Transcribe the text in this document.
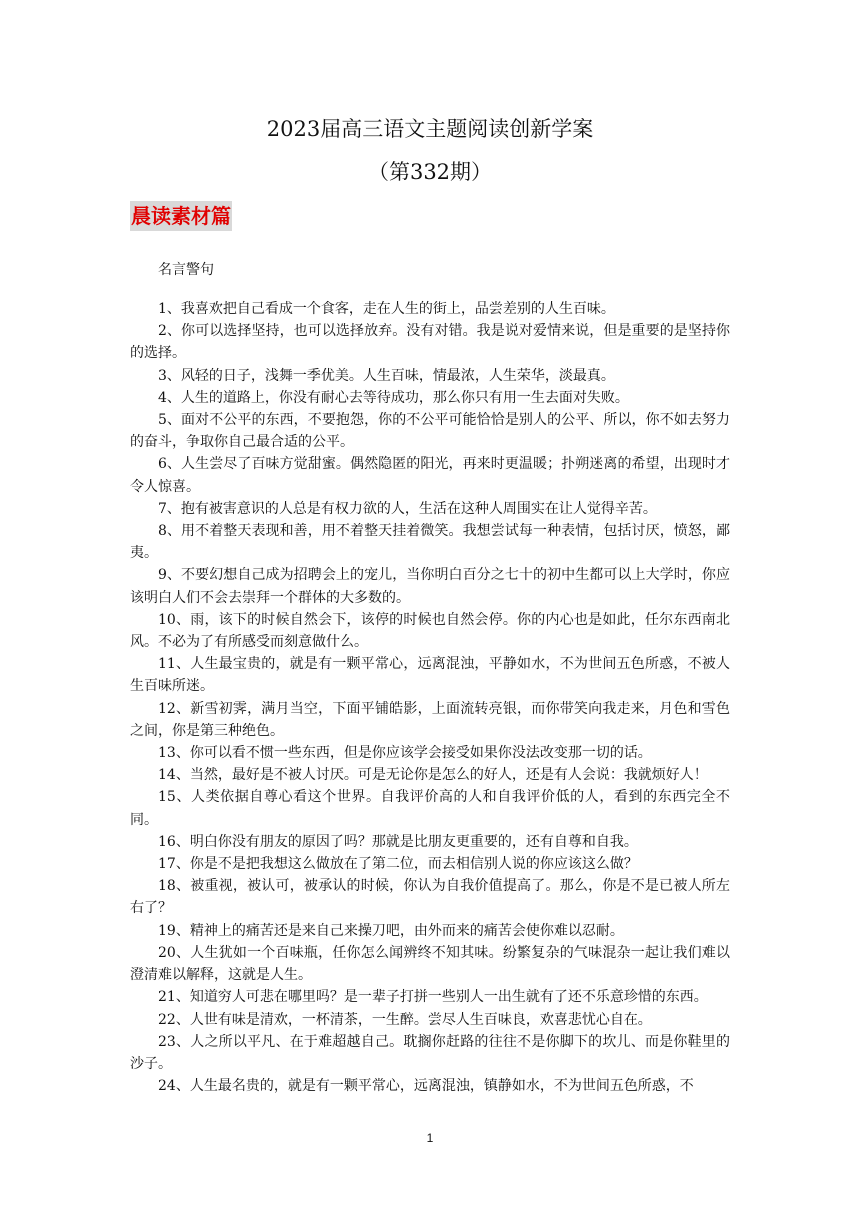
2023届高三语文主题阅读创新学案
（第332期）
晨读素材篇
名言警句

1、我喜欢把自己看成一个食客，走在人生的街上，品尝差别的人生百味。

2、你可以选择坚持，也可以选择放弃。没有对错。我是说对爱情来说，但是重要的是坚持你的选择。

3、风轻的日子，浅舞一季优美。人生百味，情最浓，人生荣华，淡最真。

4、人生的道路上，你没有耐心去等待成功，那么你只有用一生去面对失败。

5、面对不公平的东西，不要抱怨，你的不公平可能恰恰是别人的公平、所以，你不如去努力的奋斗，争取你自己最合适的公平。

6、人生尝尽了百味方觉甜蜜。偶然隐匿的阳光，再来时更温暖；扑朔迷离的希望，出现时才令人惊喜。

7、抱有被害意识的人总是有权力欲的人，生活在这种人周围实在让人觉得辛苦。

8、用不着整天表现和善，用不着整天挂着微笑。我想尝试每一种表情，包括讨厌，愤怒，鄙夷。

9、不要幻想自己成为招聘会上的宠儿，当你明白百分之七十的初中生都可以上大学时，你应该明白人们不会去崇拜一个群体的大多数的。

10、雨，该下的时候自然会下，该停的时候也自然会停。你的内心也是如此，任尔东西南北风。不必为了有所感受而刻意做什么。

11、人生最宝贵的，就是有一颗平常心，远离混浊，平静如水，不为世间五色所惑，不被人生百味所迷。

12、新雪初霁，满月当空，下面平铺皓影，上面流转亮银，而你带笑向我走来，月色和雪色之间，你是第三种绝色。

13、你可以看不惯一些东西，但是你应该学会接受如果你没法改变那一切的话。

14、当然，最好是不被人讨厌。可是无论你是怎么的好人，还是有人会说：我就烦好人！

15、人类依据自尊心看这个世界。自我评价高的人和自我评价低的人，看到的东西完全不同。

16、明白你没有朋友的原因了吗？那就是比朋友更重要的，还有自尊和自我。

17、你是不是把我想这么做放在了第二位，而去相信别人说的你应该这么做？

18、被重视，被认可，被承认的时候，你认为自我价值提高了。那么，你是不是已被人所左右了？

19、精神上的痛苦还是来自己来操刀吧，由外而来的痛苦会使你难以忍耐。

20、人生犹如一个百味瓶，任你怎么闻辨终不知其味。纷繁复杂的气味混杂一起让我们难以澄清难以解释，这就是人生。

21、知道穷人可悲在哪里吗？是一辈子打拼一些别人一出生就有了还不乐意珍惜的东西。

22、人世有味是清欢，一杯清茶，一生醉。尝尽人生百味良，欢喜悲忧心自在。

23、人之所以平凡、在于难超越自己。耽搁你赶路的往往不是你脚下的坎儿、而是你鞋里的沙子。

24、人生最名贵的，就是有一颗平常心，远离混浊，镇静如水，不为世间五色所惑，不

1
